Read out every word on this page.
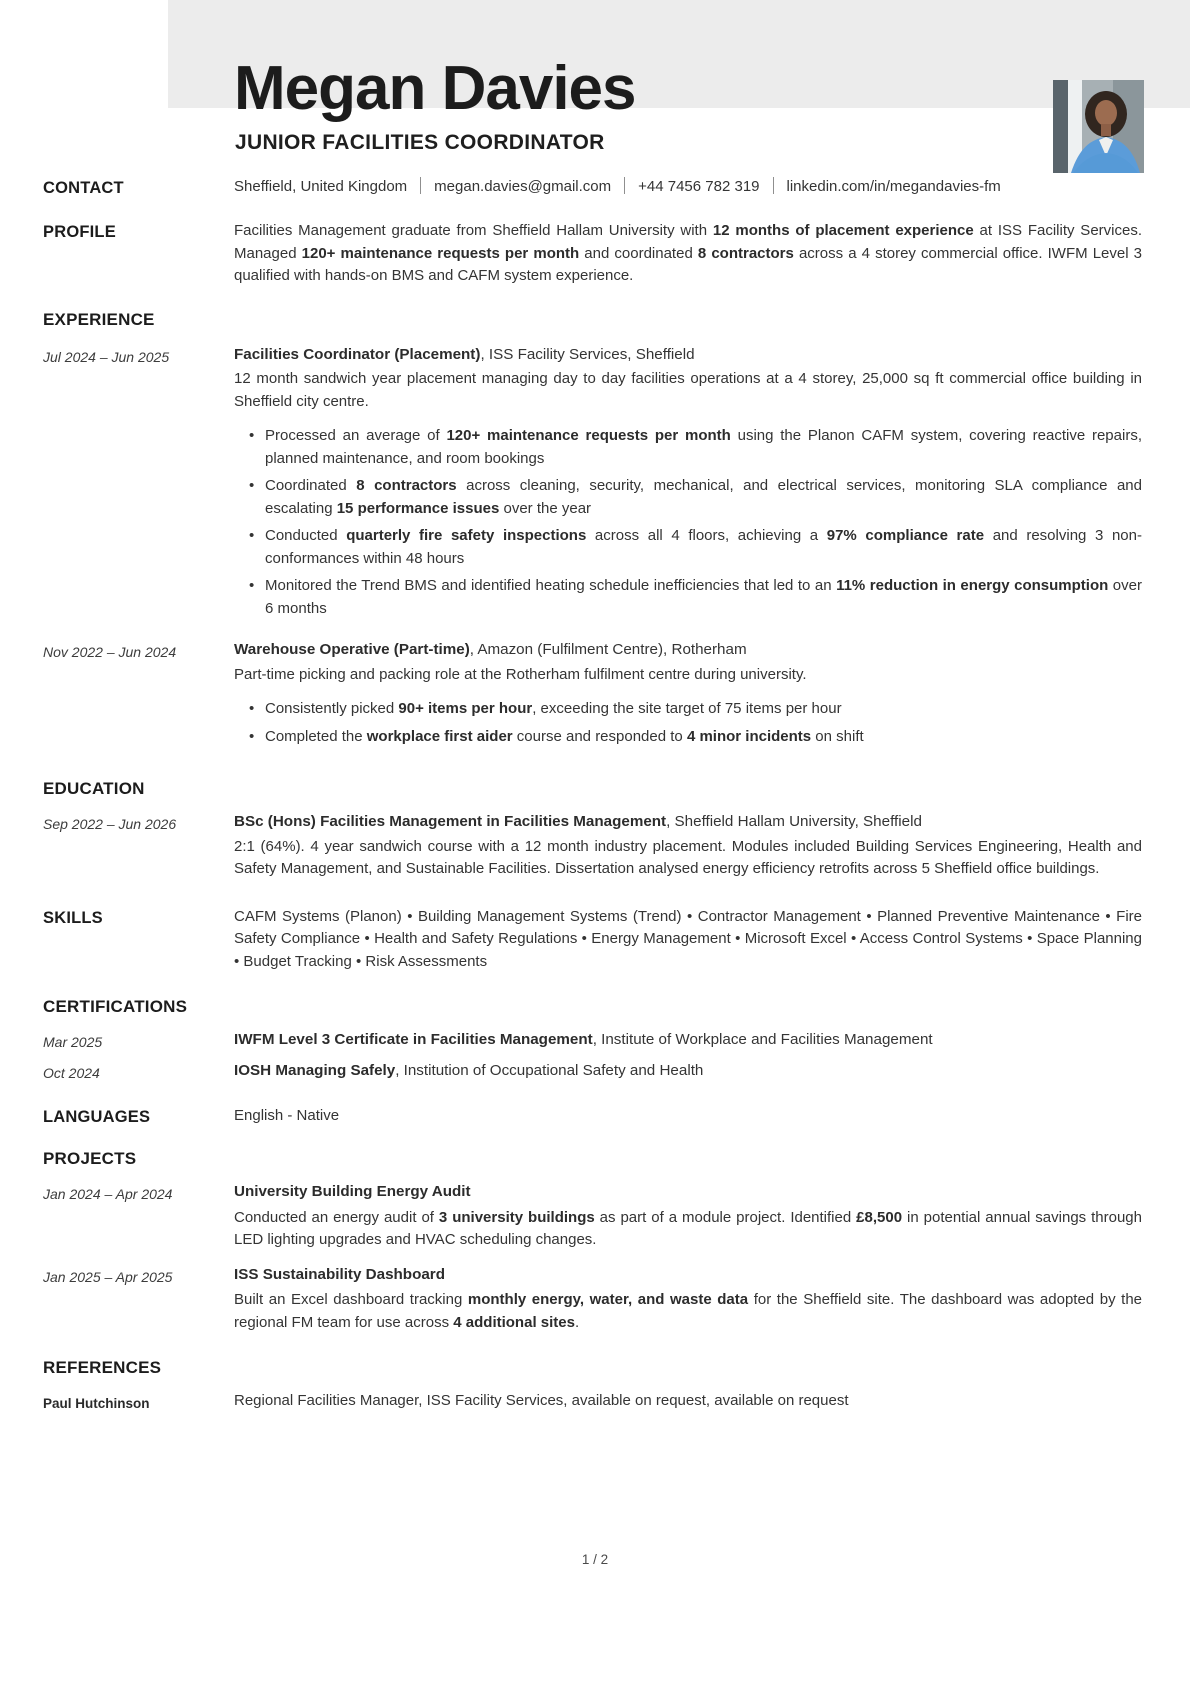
Megan Davies
JUNIOR FACILITIES COORDINATOR
CONTACT	Sheffield, United Kingdom megan.davies@gmail.com +44 7456 782 319 linkedin.com/in/megandavies-fm
PROFILE	Facilities Management graduate from Sheffield Hallam University with 12 months of placement experience at ISS Facility Services. Managed 120+ maintenance requests per month and coordinated 8 contractors across a 4 storey commercial office. IWFM Level 3 qualified with hands-on BMS and CAFM system experience.
EXPERIENCE
Jul 2024 – Jun 2025	Facilities Coordinator (Placement), ISS Facility Services, Sheffield
12 month sandwich year placement managing day to day facilities operations at a 4 storey, 25,000 sq ft commercial office building in Sheffield city centre.
• Processed an average of 120+ maintenance requests per month using the Planon CAFM system, covering reactive repairs, planned maintenance, and room bookings
• Coordinated 8 contractors across cleaning, security, mechanical, and electrical services, monitoring SLA compliance and escalating 15 performance issues over the year
• Conducted quarterly fire safety inspections across all 4 floors, achieving a 97% compliance rate and resolving 3 non-conformances within 48 hours
• Monitored the Trend BMS and identified heating schedule inefficiencies that led to an 11% reduction in energy consumption over 6 months
Nov 2022 – Jun 2024	Warehouse Operative (Part-time), Amazon (Fulfilment Centre), Rotherham
Part-time picking and packing role at the Rotherham fulfilment centre during university.
• Consistently picked 90+ items per hour, exceeding the site target of 75 items per hour
• Completed the workplace first aider course and responded to 4 minor incidents on shift
EDUCATION
Sep 2022 – Jun 2026	BSc (Hons) Facilities Management in Facilities Management, Sheffield Hallam University, Sheffield
2:1 (64%). 4 year sandwich course with a 12 month industry placement. Modules included Building Services Engineering, Health and Safety Management, and Sustainable Facilities. Dissertation analysed energy efficiency retrofits across 5 Sheffield office buildings.
SKILLS	CAFM Systems (Planon) • Building Management Systems (Trend) • Contractor Management • Planned Preventive Maintenance • Fire Safety Compliance • Health and Safety Regulations • Energy Management • Microsoft Excel • Access Control Systems • Space Planning • Budget Tracking • Risk Assessments
CERTIFICATIONS
Mar 2025	IWFM Level 3 Certificate in Facilities Management, Institute of Workplace and Facilities Management
Oct 2024	IOSH Managing Safely, Institution of Occupational Safety and Health
LANGUAGES	English - Native
PROJECTS
Jan 2024 – Apr 2024	University Building Energy Audit
Conducted an energy audit of 3 university buildings as part of a module project. Identified £8,500 in potential annual savings through LED lighting upgrades and HVAC scheduling changes.
Jan 2025 – Apr 2025	ISS Sustainability Dashboard
Built an Excel dashboard tracking monthly energy, water, and waste data for the Sheffield site. The dashboard was adopted by the regional FM team for use across 4 additional sites.
REFERENCES
Paul Hutchinson	Regional Facilities Manager, ISS Facility Services, available on request, available on request
1 / 2
